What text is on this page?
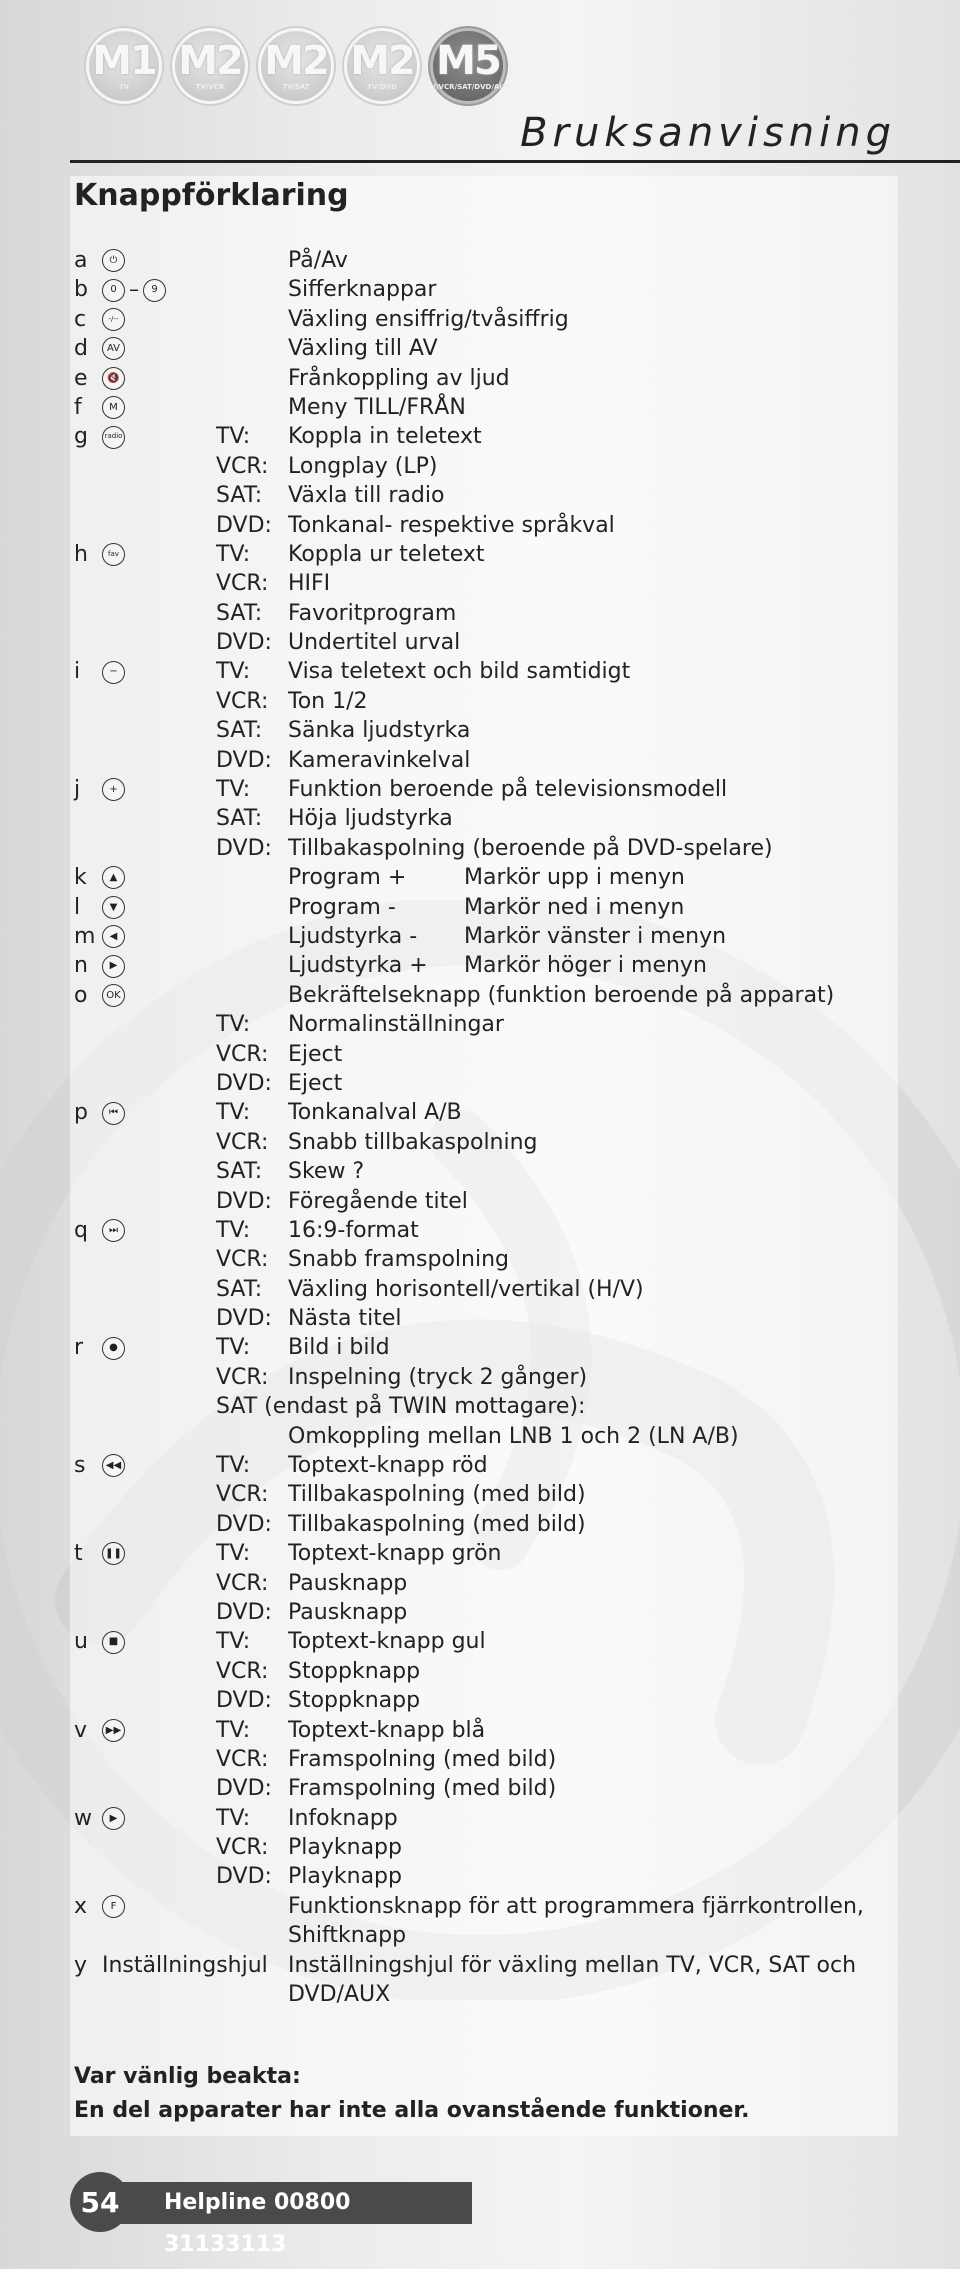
M1
TV
M2
TV/VCR
M2
TV/SAT
M2
TV/DVD
M5
TV/VCR/SAT/DVD/AUX
Bruksanvisning
Knappförklaring
a	⏻	På/Av
b	0 –	9	Sifferknappar
c	-/--	Växling ensiffrig/tvåsiffrig
d	AV	Växling till AV
e	🔇	Frånkoppling av ljud
f	M	Meny TILL/FRÅN
g	radio	TV: Koppla in teletext
VCR: Longplay (LP)
SAT: Växla till radio
DVD: Tonkanal- respektive språkval
h	fav	TV: Koppla ur teletext
VCR: HIFI
SAT: Favoritprogram
DVD: Undertitel urval
i	−	TV: Visa teletext och bild samtidigt
VCR: Ton 1/2
SAT: Sänka ljudstyrka
DVD: Kameravinkelval
j	+	TV: Funktion beroende på televisionsmodell
SAT: Höja ljudstyrka
DVD: Tillbakaspolning (beroende på DVD-spelare)
k	▲	Program +	Markör upp i menyn
l	▼	Program -	Markör ned i menyn
m	◀	Ljudstyrka - Markör vänster i menyn
n	▶	Ljudstyrka + Markör höger i menyn
o	OK	Bekräftelseknapp (funktion beroende på apparat)
TV: Normalinställningar
VCR: Eject
DVD: Eject
p	⏮	TV: Tonkanalval A/B
VCR: Snabb tillbakaspolning
SAT: Skew ?
DVD: Föregående titel
q	⏭	TV: 16:9-format
VCR: Snabb framspolning
SAT: Växling horisontell/vertikal (H/V)
DVD: Nästa titel
r	●	TV: Bild i bild
VCR: Inspelning (tryck 2 gånger)
SAT (endast på TWIN mottagare):
Omkoppling mellan LNB 1 och 2 (LN A/B)
s	◀◀	TV: Toptext-knapp röd
VCR: Tillbakaspolning (med bild)
DVD: Tillbakaspolning (med bild)
t	❚❚	TV: Toptext-knapp grön
VCR: Pausknapp
DVD: Pausknapp
u	■	TV: Toptext-knapp gul
VCR: Stoppknapp
DVD: Stoppknapp
v	▶▶	TV: Toptext-knapp blå
VCR: Framspolning (med bild)
DVD: Framspolning (med bild)
w	▶	TV: Infoknapp
VCR: Playknapp
DVD: Playknapp
x	F	Funktionsknapp för att programmera fjärrkontrollen,
Shiftknapp
y Inställningshjul Inställningshjul för växling mellan TV, VCR, SAT och
DVD/AUX
Var vänlig beakta:
En del apparater har inte alla ovanstående funktioner.
Helpline 00800 31133113
54
